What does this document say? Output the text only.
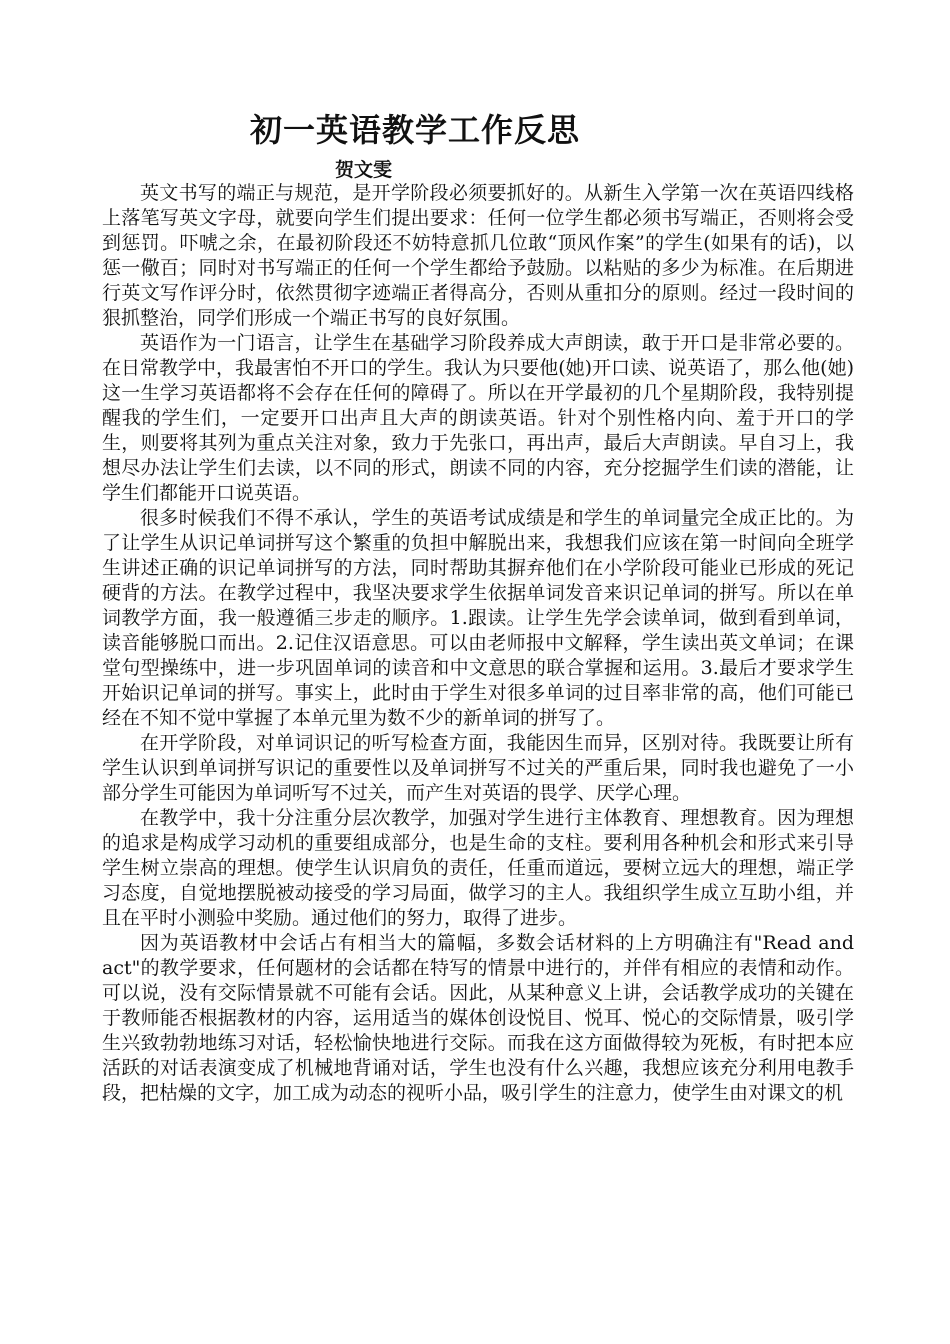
初一英语教学工作反思
贺文雯

英文书写的端正与规范，是开学阶段必须要抓好的。从新生入学第一次在英语四线格上落笔写英文字母，就要向学生们提出要求：任何一位学生都必须书写端正，否则将会受到惩罚。吓唬之余，在最初阶段还不妨特意抓几位敢“顶风作案”的学生(如果有的话)，以惩一儆百；同时对书写端正的任何一个学生都给予鼓励。以粘贴的多少为标准。在后期进行英文写作评分时，依然贯彻字迹端正者得高分，否则从重扣分的原则。经过一段时间的狠抓整治，同学们形成一个端正书写的良好氛围。

英语作为一门语言，让学生在基础学习阶段养成大声朗读，敢于开口是非常必要的。在日常教学中，我最害怕不开口的学生。我认为只要他(她)开口读、说英语了，那么他(她)这一生学习英语都将不会存在任何的障碍了。所以在开学最初的几个星期阶段，我特别提醒我的学生们，一定要开口出声且大声的朗读英语。针对个别性格内向、羞于开口的学生，则要将其列为重点关注对象，致力于先张口，再出声，最后大声朗读。早自习上，我想尽办法让学生们去读，以不同的形式，朗读不同的内容，充分挖掘学生们读的潜能，让学生们都能开口说英语。

很多时候我们不得不承认，学生的英语考试成绩是和学生的单词量完全成正比的。为了让学生从识记单词拼写这个繁重的负担中解脱出来，我想我们应该在第一时间向全班学生讲述正确的识记单词拼写的方法，同时帮助其摒弃他们在小学阶段可能业已形成的死记硬背的方法。在教学过程中，我坚决要求学生依据单词发音来识记单词的拼写。所以在单词教学方面，我一般遵循三步走的顺序。1.跟读。让学生先学会读单词，做到看到单词，读音能够脱口而出。2.记住汉语意思。可以由老师报中文解释，学生读出英文单词；在课堂句型操练中，进一步巩固单词的读音和中文意思的联合掌握和运用。3.最后才要求学生开始识记单词的拼写。事实上，此时由于学生对很多单词的过目率非常的高，他们可能已经在不知不觉中掌握了本单元里为数不少的新单词的拼写了。

在开学阶段，对单词识记的听写检查方面，我能因生而异，区别对待。我既要让所有学生认识到单词拼写识记的重要性以及单词拼写不过关的严重后果，同时我也避免了一小部分学生可能因为单词听写不过关，而产生对英语的畏学、厌学心理。

在教学中，我十分注重分层次教学，加强对学生进行主体教育、理想教育。因为理想的追求是构成学习动机的重要组成部分，也是生命的支柱。要利用各种机会和形式来引导学生树立崇高的理想。使学生认识肩负的责任，任重而道远，要树立远大的理想，端正学习态度，自觉地摆脱被动接受的学习局面，做学习的主人。我组织学生成立互助小组，并且在平时小测验中奖励。通过他们的努力，取得了进步。

因为英语教材中会话占有相当大的篇幅，多数会话材料的上方明确注有"Read and act"的教学要求，任何题材的会话都在特写的情景中进行的，并伴有相应的表情和动作。可以说，没有交际情景就不可能有会话。因此，从某种意义上讲，会话教学成功的关键在于教师能否根据教材的内容，运用适当的媒体创设悦目、悦耳、悦心的交际情景，吸引学生兴致勃勃地练习对话，轻松愉快地进行交际。而我在这方面做得较为死板，有时把本应活跃的对话表演变成了机械地背诵对话，学生也没有什么兴趣，我想应该充分利用电教手段，把枯燥的文字，加工成为动态的视听小品，吸引学生的注意力，使学生由对课文的机
